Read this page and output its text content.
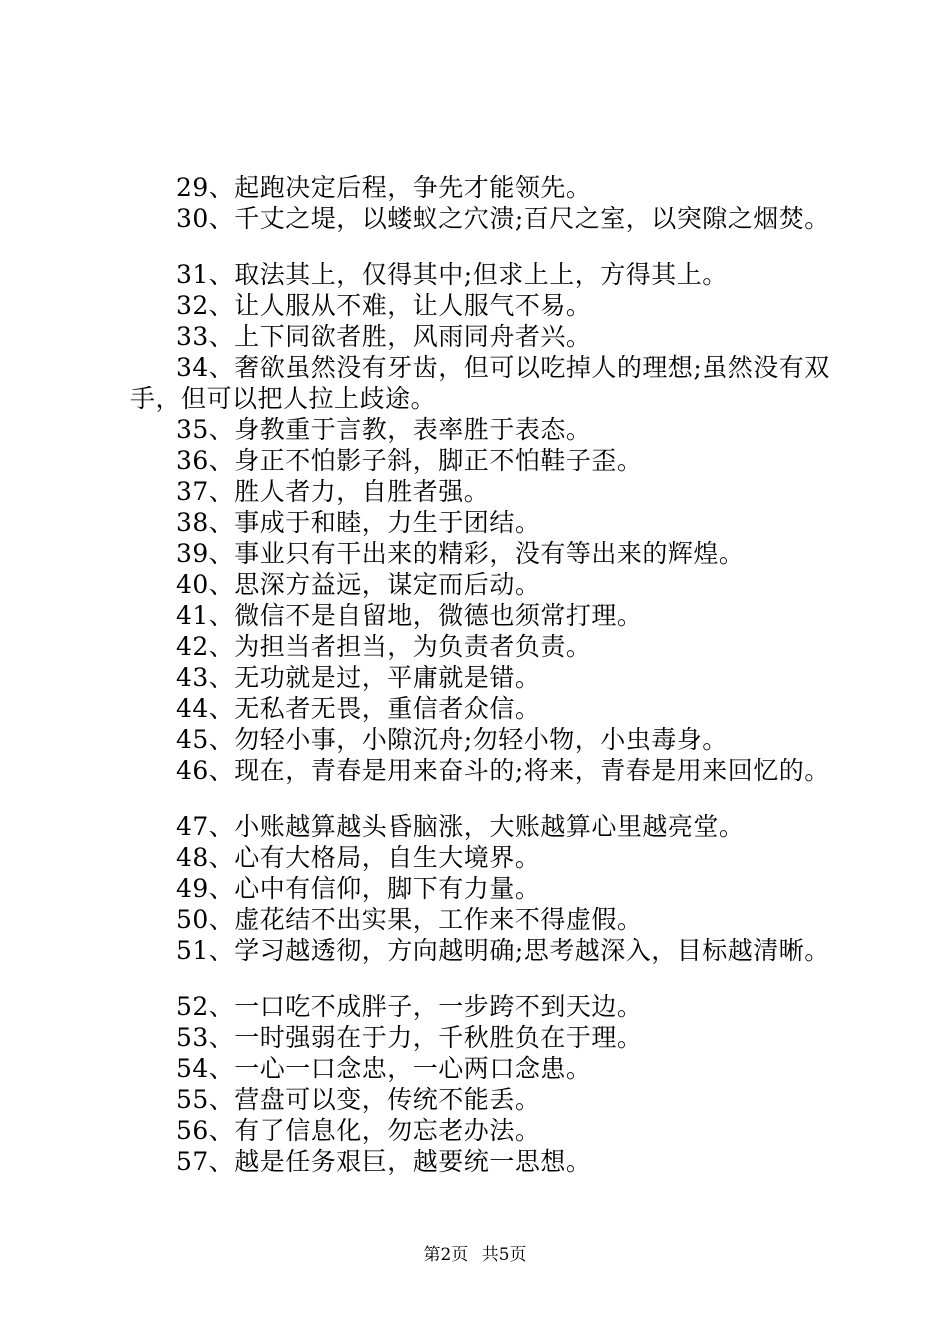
29、起跑决定后程，争先才能领先。
30、千丈之堤，以蝼蚁之穴溃;百尺之室，以突隙之烟焚。
31、取法其上，仅得其中;但求上上，方得其上。
32、让人服从不难，让人服气不易。
33、上下同欲者胜，风雨同舟者兴。
34、奢欲虽然没有牙齿，但可以吃掉人的理想;虽然没有双手，但可以把人拉上歧途。
35、身教重于言教，表率胜于表态。
36、身正不怕影子斜，脚正不怕鞋子歪。
37、胜人者力，自胜者强。
38、事成于和睦，力生于团结。
39、事业只有干出来的精彩，没有等出来的辉煌。
40、思深方益远，谋定而后动。
41、微信不是自留地，微德也须常打理。
42、为担当者担当，为负责者负责。
43、无功就是过，平庸就是错。
44、无私者无畏，重信者众信。
45、勿轻小事，小隙沉舟;勿轻小物，小虫毒身。
46、现在，青春是用来奋斗的;将来，青春是用来回忆的。
47、小账越算越头昏脑涨，大账越算心里越亮堂。
48、心有大格局，自生大境界。
49、心中有信仰，脚下有力量。
50、虚花结不出实果，工作来不得虚假。
51、学习越透彻，方向越明确;思考越深入，目标越清晰。
52、一口吃不成胖子，一步跨不到天边。
53、一时强弱在于力，千秋胜负在于理。
54、一心一口念忠，一心两口念患。
55、营盘可以变，传统不能丢。
56、有了信息化，勿忘老办法。
57、越是任务艰巨，越要统一思想。
第2页 共5页
